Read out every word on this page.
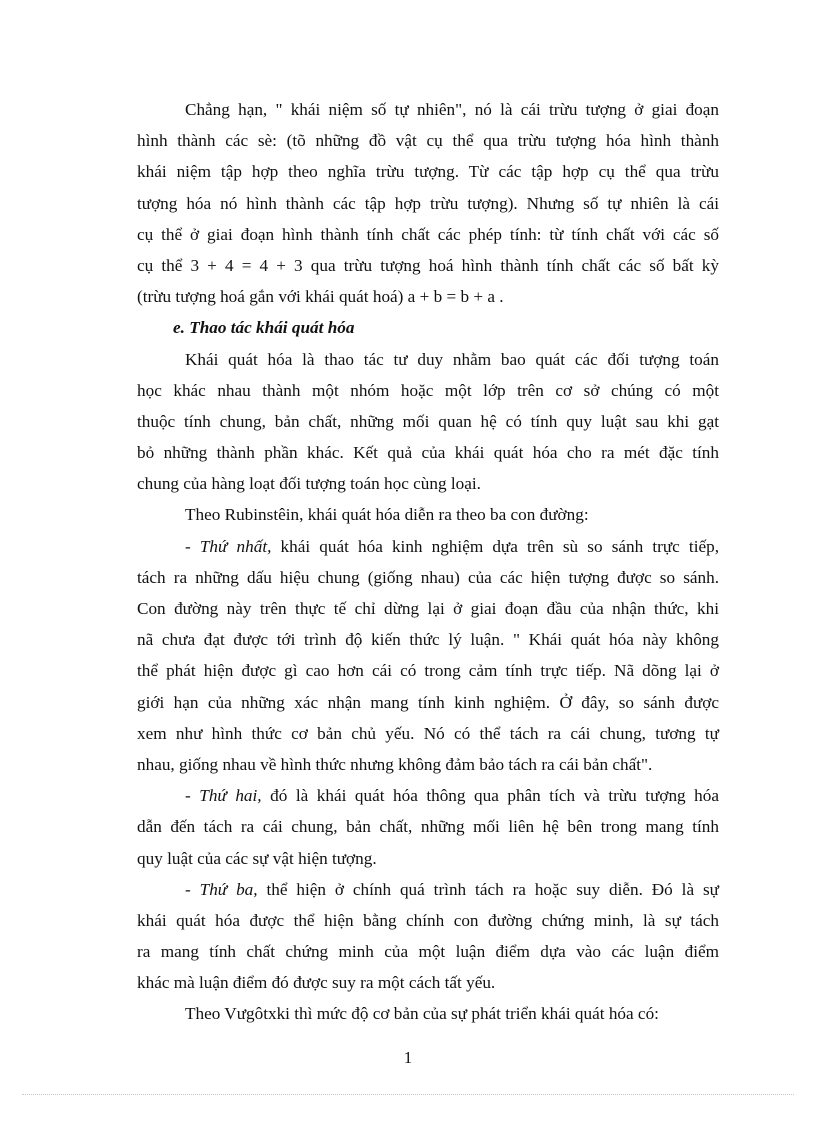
Chẳng hạn, " khái niệm số tự nhiên", nó là cái trừu tượng ở giai đoạn
hình thành các sè: (tõ những đồ vật cụ thể qua trừu tượng hóa hình thành
khái niệm tập hợp theo nghĩa trừu tượng. Từ các tập hợp cụ thể qua trừu
tượng hóa nó hình thành các tập hợp trừu tượng). Nhưng số tự nhiên là cái
cụ thể ở giai đoạn hình thành tính chất các phép tính: từ tính chất với các số
cụ thể 3 + 4 = 4 + 3 qua trừu tượng hoá hình thành tính chất các số bất kỳ
(trừu tượng hoá gắn với khái quát hoá) a + b = b + a .
e. Thao tác khái quát hóa
Khái quát hóa là thao tác tư duy nhằm bao quát các đối tượng toán
học khác nhau thành một nhóm hoặc một lớp trên cơ sở chúng có một
thuộc tính chung, bản chất, những mối quan hệ có tính quy luật sau khi gạt
bỏ những thành phần khác. Kết quả của khái quát hóa cho ra mét đặc tính
chung của hàng loạt đối tượng toán học cùng loại.
Theo Rubinstêin, khái quát hóa diễn ra theo ba con đường:
- Thứ nhất, khái quát hóa kinh nghiệm dựa trên sù so sánh trực tiếp,
tách ra những dấu hiệu chung (giống nhau) của các hiện tượng được so sánh.
Con đường này trên thực tế chỉ dừng lại ở giai đoạn đầu của nhận thức, khi
nã chưa đạt được tới trình độ kiến thức lý luận. " Khái quát hóa này không
thể phát hiện được gì cao hơn cái có trong cảm tính trực tiếp. Nã dõng lại ở
giới hạn của những xác nhận mang tính kinh nghiệm. Ở đây, so sánh được
xem như hình thức cơ bản chủ yếu. Nó có thể tách ra cái chung, tương tự
nhau, giống nhau về hình thức nhưng không đảm bảo tách ra cái bản chất".
- Thứ hai, đó là khái quát hóa thông qua phân tích và trừu tượng hóa
dẫn đến tách ra cái chung, bản chất, những mối liên hệ bên trong mang tính
quy luật của các sự vật hiện tượng.
- Thứ ba, thể hiện ở chính quá trình tách ra hoặc suy diễn. Đó là sự
khái quát hóa được thể hiện bằng chính con đường chứng minh, là sự tách
ra mang tính chất chứng minh của một luận điểm dựa vào các luận điểm
khác mà luận điểm đó được suy ra một cách tất yếu.
Theo Vưgôtxki thì mức độ cơ bản của sự phát triển khái quát hóa có:
1
